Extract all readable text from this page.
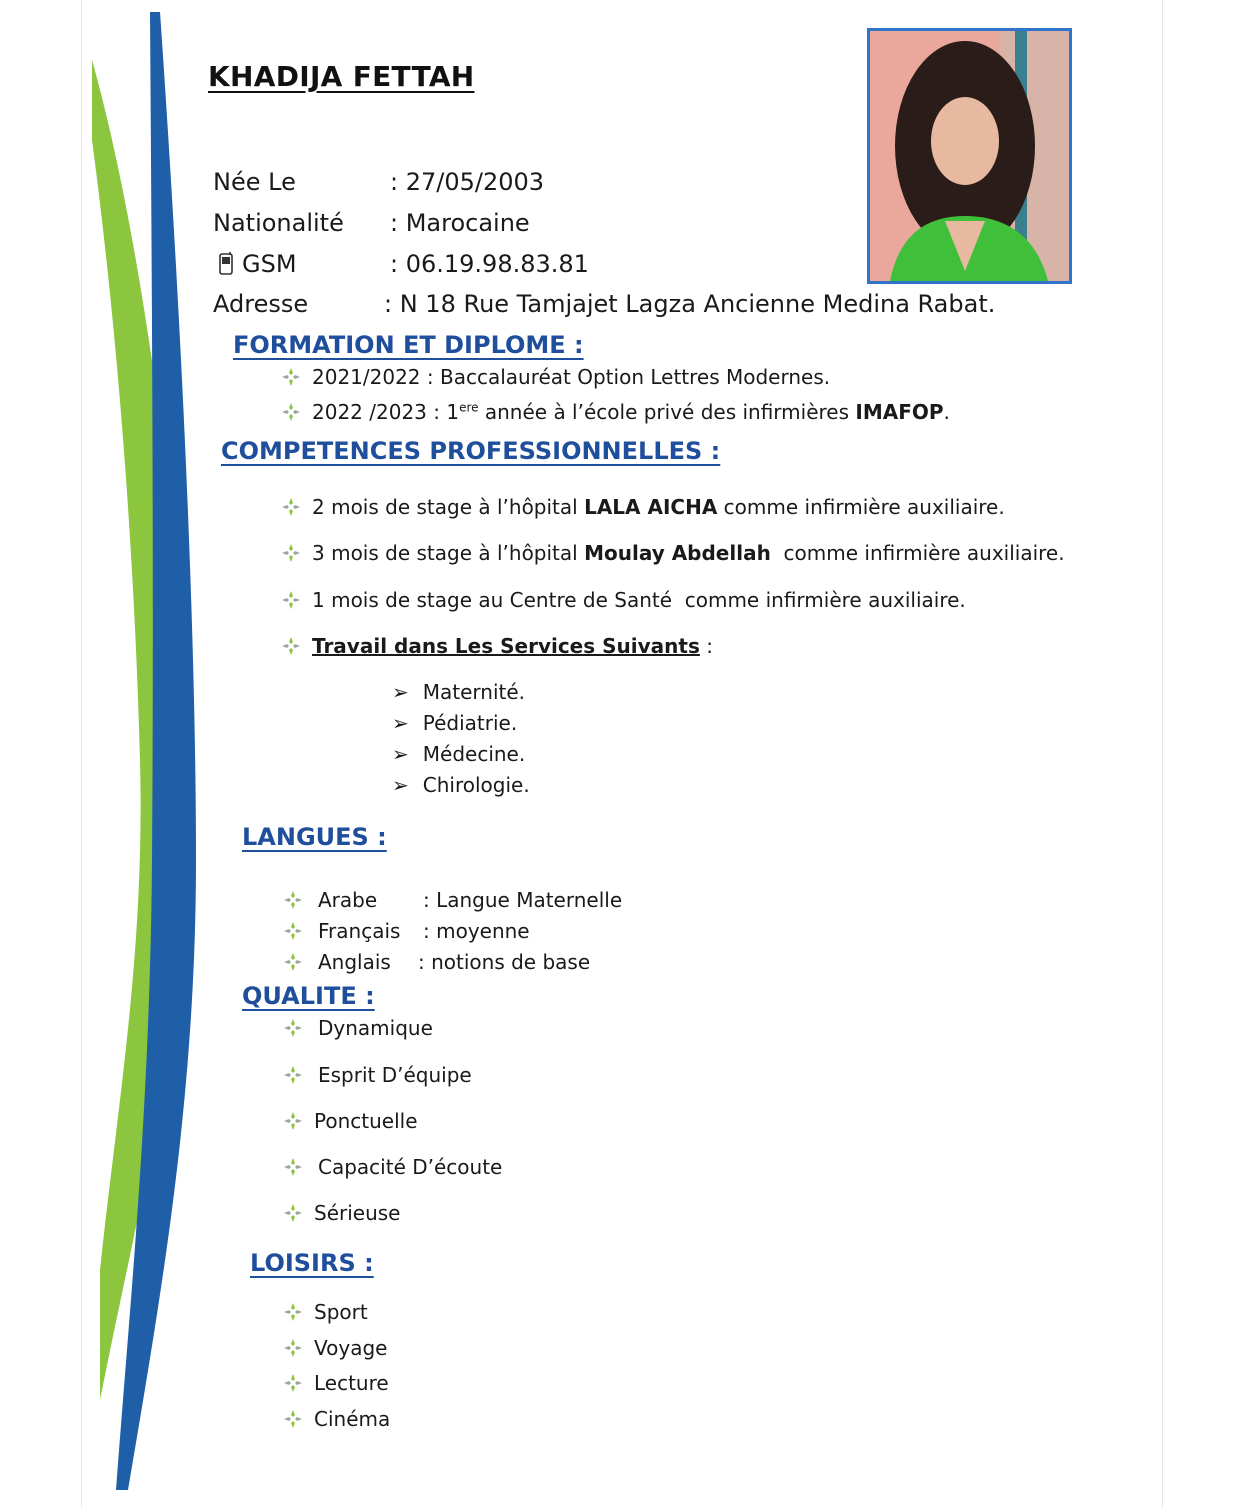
KHADIJA FETTAH
Née Le	: 27/05/2003
Nationalité : Marocaine
GSM	: 06.19.98.83.81
Adresse	: N 18 Rue Tamjajet Lagza Ancienne Medina Rabat.
FORMATION ET DIPLOME :
2021/2022 : Baccalauréat Option Lettres Modernes.
2022 /2023 : 1ere année à l’école privé des infirmières IMAFOP.
COMPETENCES PROFESSIONNELLES :
2 mois de stage à l’hôpital LALA AICHA comme infirmière auxiliaire.
3 mois de stage à l’hôpital Moulay Abdellah  comme infirmière auxiliaire.
1 mois de stage au Centre de Santé  comme infirmière auxiliaire.
Travail dans Les Services Suivants :
➢ Maternité.
➢ Pédiatrie.
➢ Médecine.
➢ Chirologie.
LANGUES :
Arabe	: Langue Maternelle
Français	: moyenne
Anglais	: notions de base
QUALITE :
Dynamique
Esprit D’équipe
Ponctuelle
Capacité D’écoute
Sérieuse
LOISIRS :
Sport
Voyage
Lecture
Cinéma
